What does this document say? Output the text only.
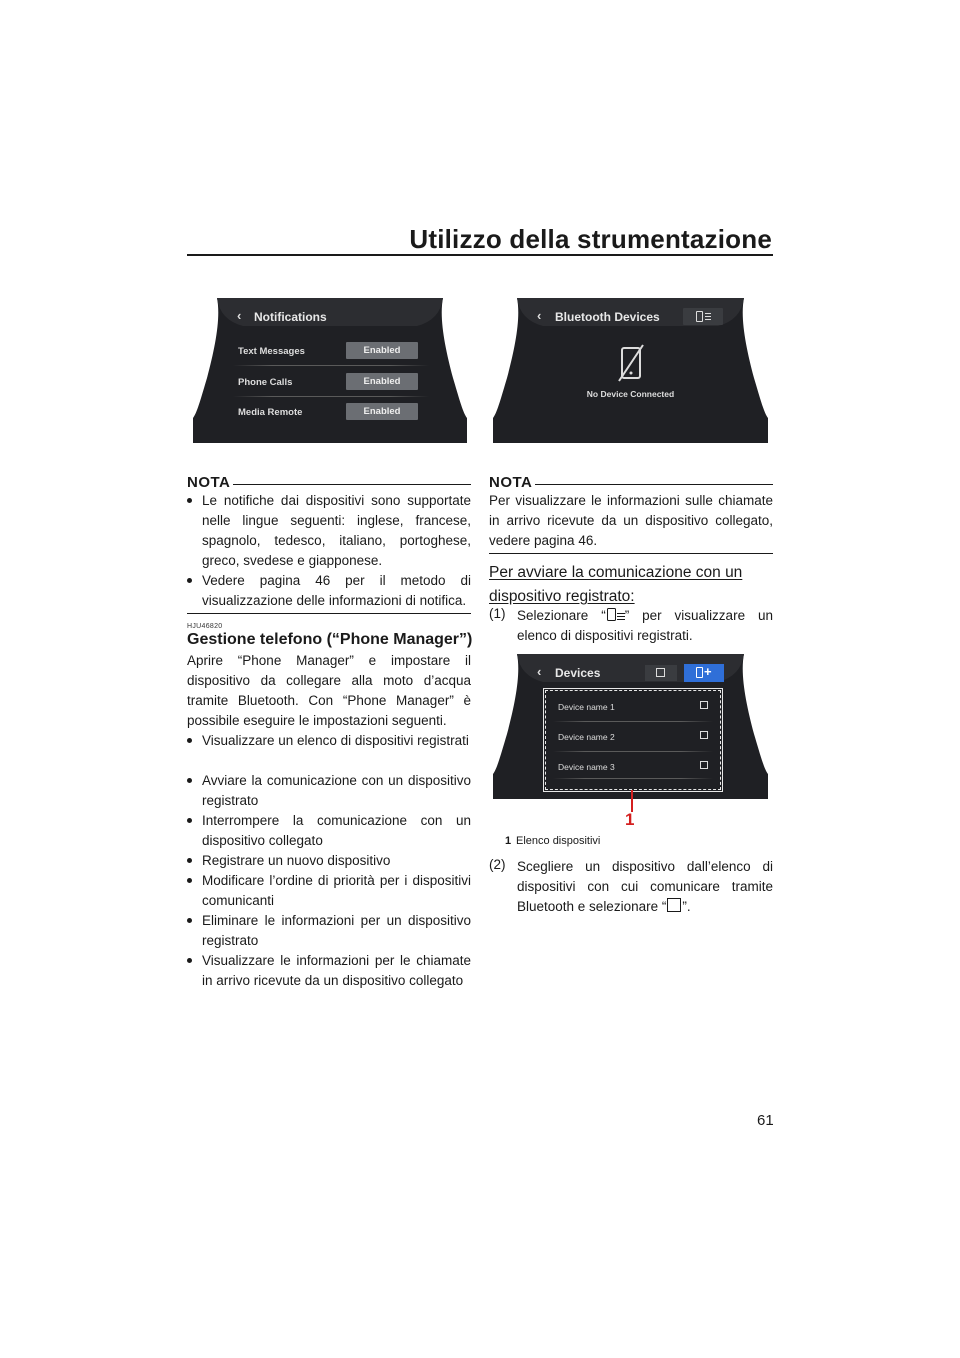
Utilizzo della strumentazione
‹ Notifications
Text Messages	Enabled
Phone Calls	Enabled
Media Remote	Enabled
‹ Bluetooth Devices
No Device Connected
NOTA
Le notifiche dai dispositivi sono supportate nelle lingue seguenti: inglese, francese, spagnolo, tedesco, italiano, portoghese, greco, svedese e giapponese.
Vedere pagina 46 per il metodo di visualizzazione delle informazioni di notifica.
HJU46820
Gestione telefono (“Phone Manager”)
Aprire “Phone Manager” e impostare il dispositivo da collegare alla moto d’acqua tramite Bluetooth. Con “Phone Manager” è possibile eseguire le impostazioni seguenti.
Visualizzare un elenco di dispositivi registrati
Avviare la comunicazione con un dispositivo registrato
Interrompere la comunicazione con un dispositivo collegato
Registrare un nuovo dispositivo
Modificare l’ordine di priorità per i dispositivi comunicanti
Eliminare le informazioni per un dispositivo registrato
Visualizzare le informazioni per le chiamate in arrivo ricevute da un dispositivo collegato
NOTA
Per visualizzare le informazioni sulle chiamate in arrivo ricevute da un dispositivo collegato, vedere pagina 46.
Per avviare la comunicazione con un dispositivo registrato:
(1) Selezionare “ ” per visualizzare un elenco di dispositivi registrati.
‹ Devices	+
Device name 1
Device name 2
Device name 3
1
1 Elenco dispositivi
(2) Scegliere un dispositivo dall’elenco di dispositivi con cui comunicare tramite Bluetooth e selezionare “ ”.
61
